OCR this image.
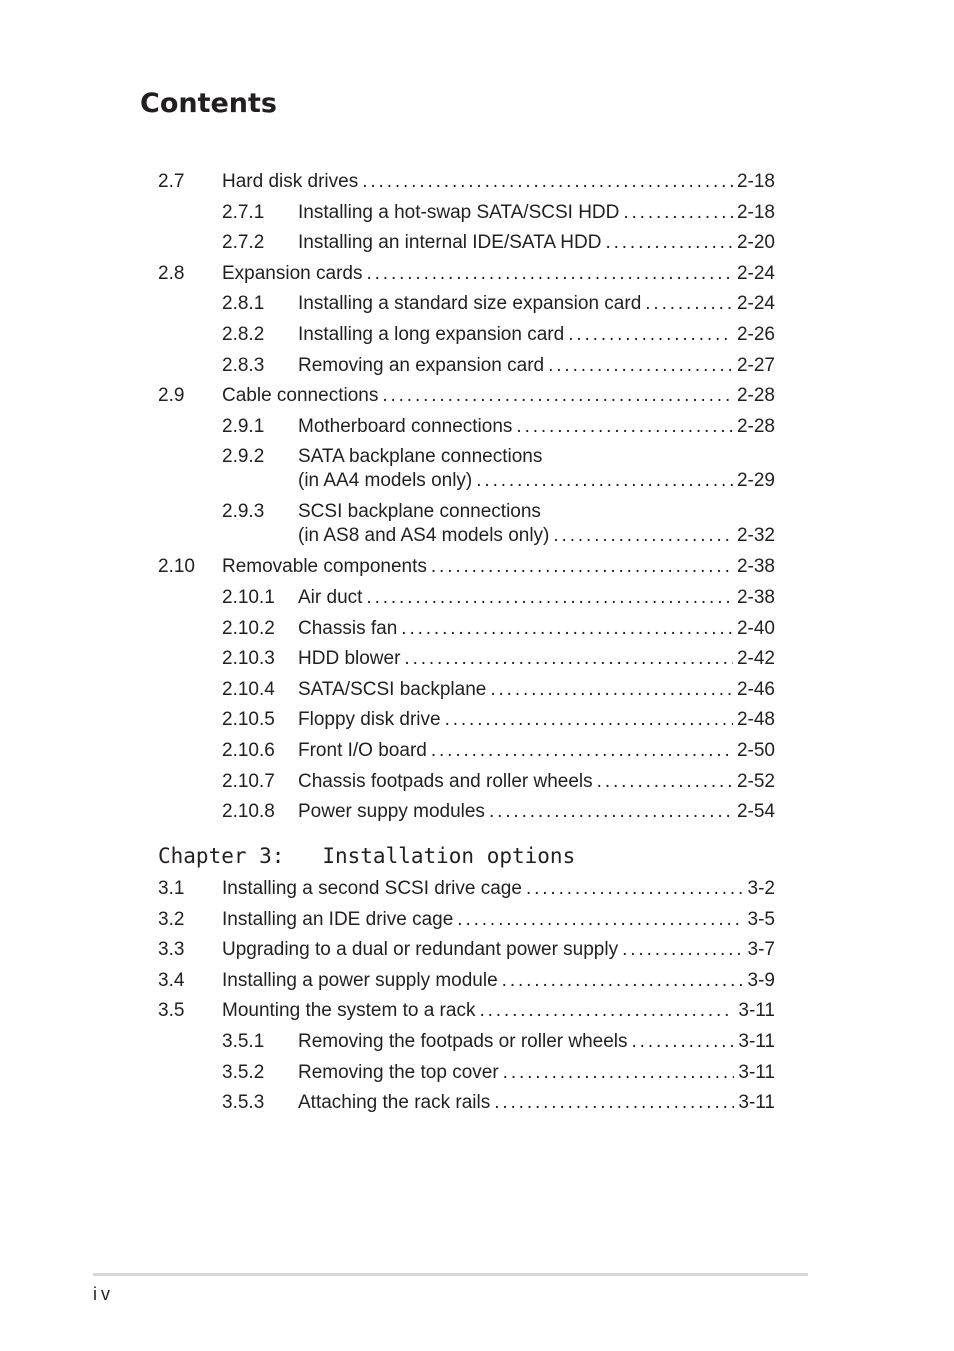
Contents
2.7 Hard disk drives . . .	2-18
2.7.1 Installing a hot-swap SATA/SCSI HDD . . .	2-18
2.7.2 Installing an internal IDE/SATA HDD . . .	2-20
2.8 Expansion cards . . .	2-24
2.8.1 Installing a standard size expansion card . . .	2-24
2.8.2 Installing a long expansion card . . .	2-26
2.8.3 Removing an expansion card . . .	2-27
2.9 Cable connections . . .	2-28
2.9.1 Motherboard connections . . .	2-28
2.9.2 SATA backplane connections
(in AA4 models only) . . .	2-29
2.9.3 SCSI backplane connections
(in AS8 and AS4 models only) . . .	2-32
2.10 Removable components . . .	2-38
2.10.1 Air duct . . .	2-38
2.10.2 Chassis fan . . .	2-40
2.10.3 HDD blower . . .	2-42
2.10.4 SATA/SCSI backplane . . .	2-46
2.10.5 Floppy disk drive . . .	2-48
2.10.6 Front I/O board . . .	2-50
2.10.7 Chassis footpads and roller wheels . . .	2-52
2.10.8 Power suppy modules . . .	2-54
3.1 Installing a second SCSI drive cage . . .	3-2
3.2 Installing an IDE drive cage . . .	3-5
3.3 Upgrading to a dual or redundant power supply . . .	3-7
3.4 Installing a power supply module . . .	3-9
3.5 Mounting the system to a rack . . .	3-11
3.5.1 Removing the footpads or roller wheels . . .	3-11
3.5.2 Removing the top cover . . .	3-11
3.5.3 Attaching the rack rails . . .	3-11
Chapter 3:   Installation options
iv
